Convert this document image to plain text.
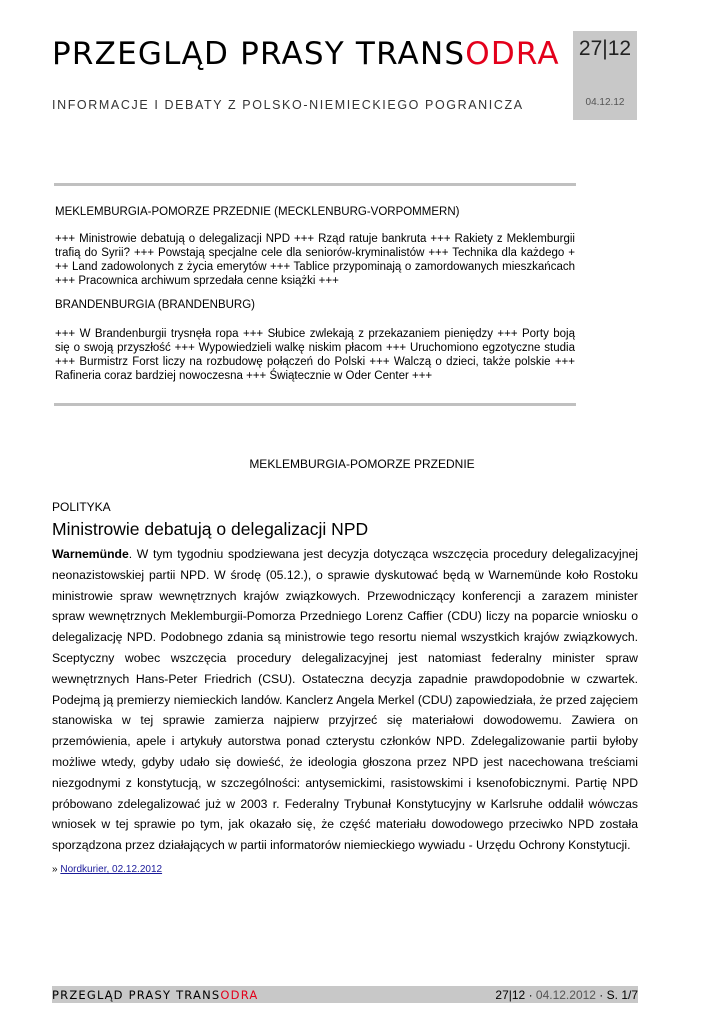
PRZEGLĄD PRASY TRANSODRA
INFORMACJE I DEBATY Z POLSKO-NIEMIECKIEGO POGRANICZA
27|12
04.12.12

MEKLEMBURGIA-POMORZE PRZEDNIE (MECKLENBURG-VORPOMMERN)

+++ Ministrowie debatują o delegalizacji NPD +++ Rząd ratuje bankruta +++ Rakiety z Meklemburgii trafią do Syrii? +++ Powstają specjalne cele dla seniorów-kryminalistów +++ Technika dla każdego + ++ Land zadowolonych z życia emerytów +++ Tablice przypominają o zamordowanych mieszkańcach +++ Pracownica archiwum sprzedała cenne książki +++

BRANDENBURGIA (BRANDENBURG)

+++ W Brandenburgii trysnęła ropa +++ Słubice zwlekają z przekazaniem pieniędzy +++ Porty boją się o swoją przyszłość +++ Wypowiedzieli walkę niskim płacom +++ Uruchomiono egzotyczne studia +++ Burmistrz Forst liczy na rozbudowę połączeń do Polski +++ Walczą o dzieci, także polskie +++ Rafineria coraz bardziej nowoczesna +++ Świątecznie w Oder Center +++

MEKLEMBURGIA-POMORZE PRZEDNIE
POLITYKA
Ministrowie debatują o delegalizacji NPD

Warnemünde. W tym tygodniu spodziewana jest decyzja dotycząca wszczęcia procedury delegalizacyjnej neonazistowskiej partii NPD. W środę (05.12.), o sprawie dyskutować będą w Warnemünde koło Rostoku ministrowie spraw wewnętrznych krajów związkowych. Przewodniczący konferencji a zarazem minister spraw wewnętrznych Meklemburgii-Pomorza Przedniego Lorenz Caffier (CDU) liczy na poparcie wniosku o delegalizację NPD. Podobnego zdania są ministrowie tego resortu niemal wszystkich krajów związkowych. Sceptyczny wobec wszczęcia procedury delegalizacyjnej jest natomiast federalny minister spraw wewnętrznych Hans-Peter Friedrich (CSU). Ostateczna decyzja zapadnie prawdopodobnie w czwartek. Podejmą ją premierzy niemieckich landów. Kanclerz Angela Merkel (CDU) zapowiedziała, że przed zajęciem stanowiska w tej sprawie zamierza najpierw przyjrzeć się materiałowi dowodowemu. Zawiera on przemówienia, apele i artykuły autorstwa ponad czterystu członków NPD. Zdelegalizowanie partii byłoby możliwe wtedy, gdyby udało się dowieść, że ideologia głoszona przez NPD jest nacechowana treściami niezgodnymi z konstytucją, w szczególności: antysemickimi, rasistowskimi i ksenofobicznymi. Partię NPD próbowano zdelegalizować już w 2003 r. Federalny Trybunał Konstytucyjny w Karlsruhe oddalił wówczas wniosek w tej sprawie po tym, jak okazało się, że część materiału dowodowego przeciwko NPD została sporządzona przez działających w partii informatorów niemieckiego wywiadu - Urzędu Ochrony Konstytucji.

» Nordkurier, 02.12.2012
PRZEGLĄD PRASY TRANSODRA	27|12 · 04.12.2012 · S. 1/7
